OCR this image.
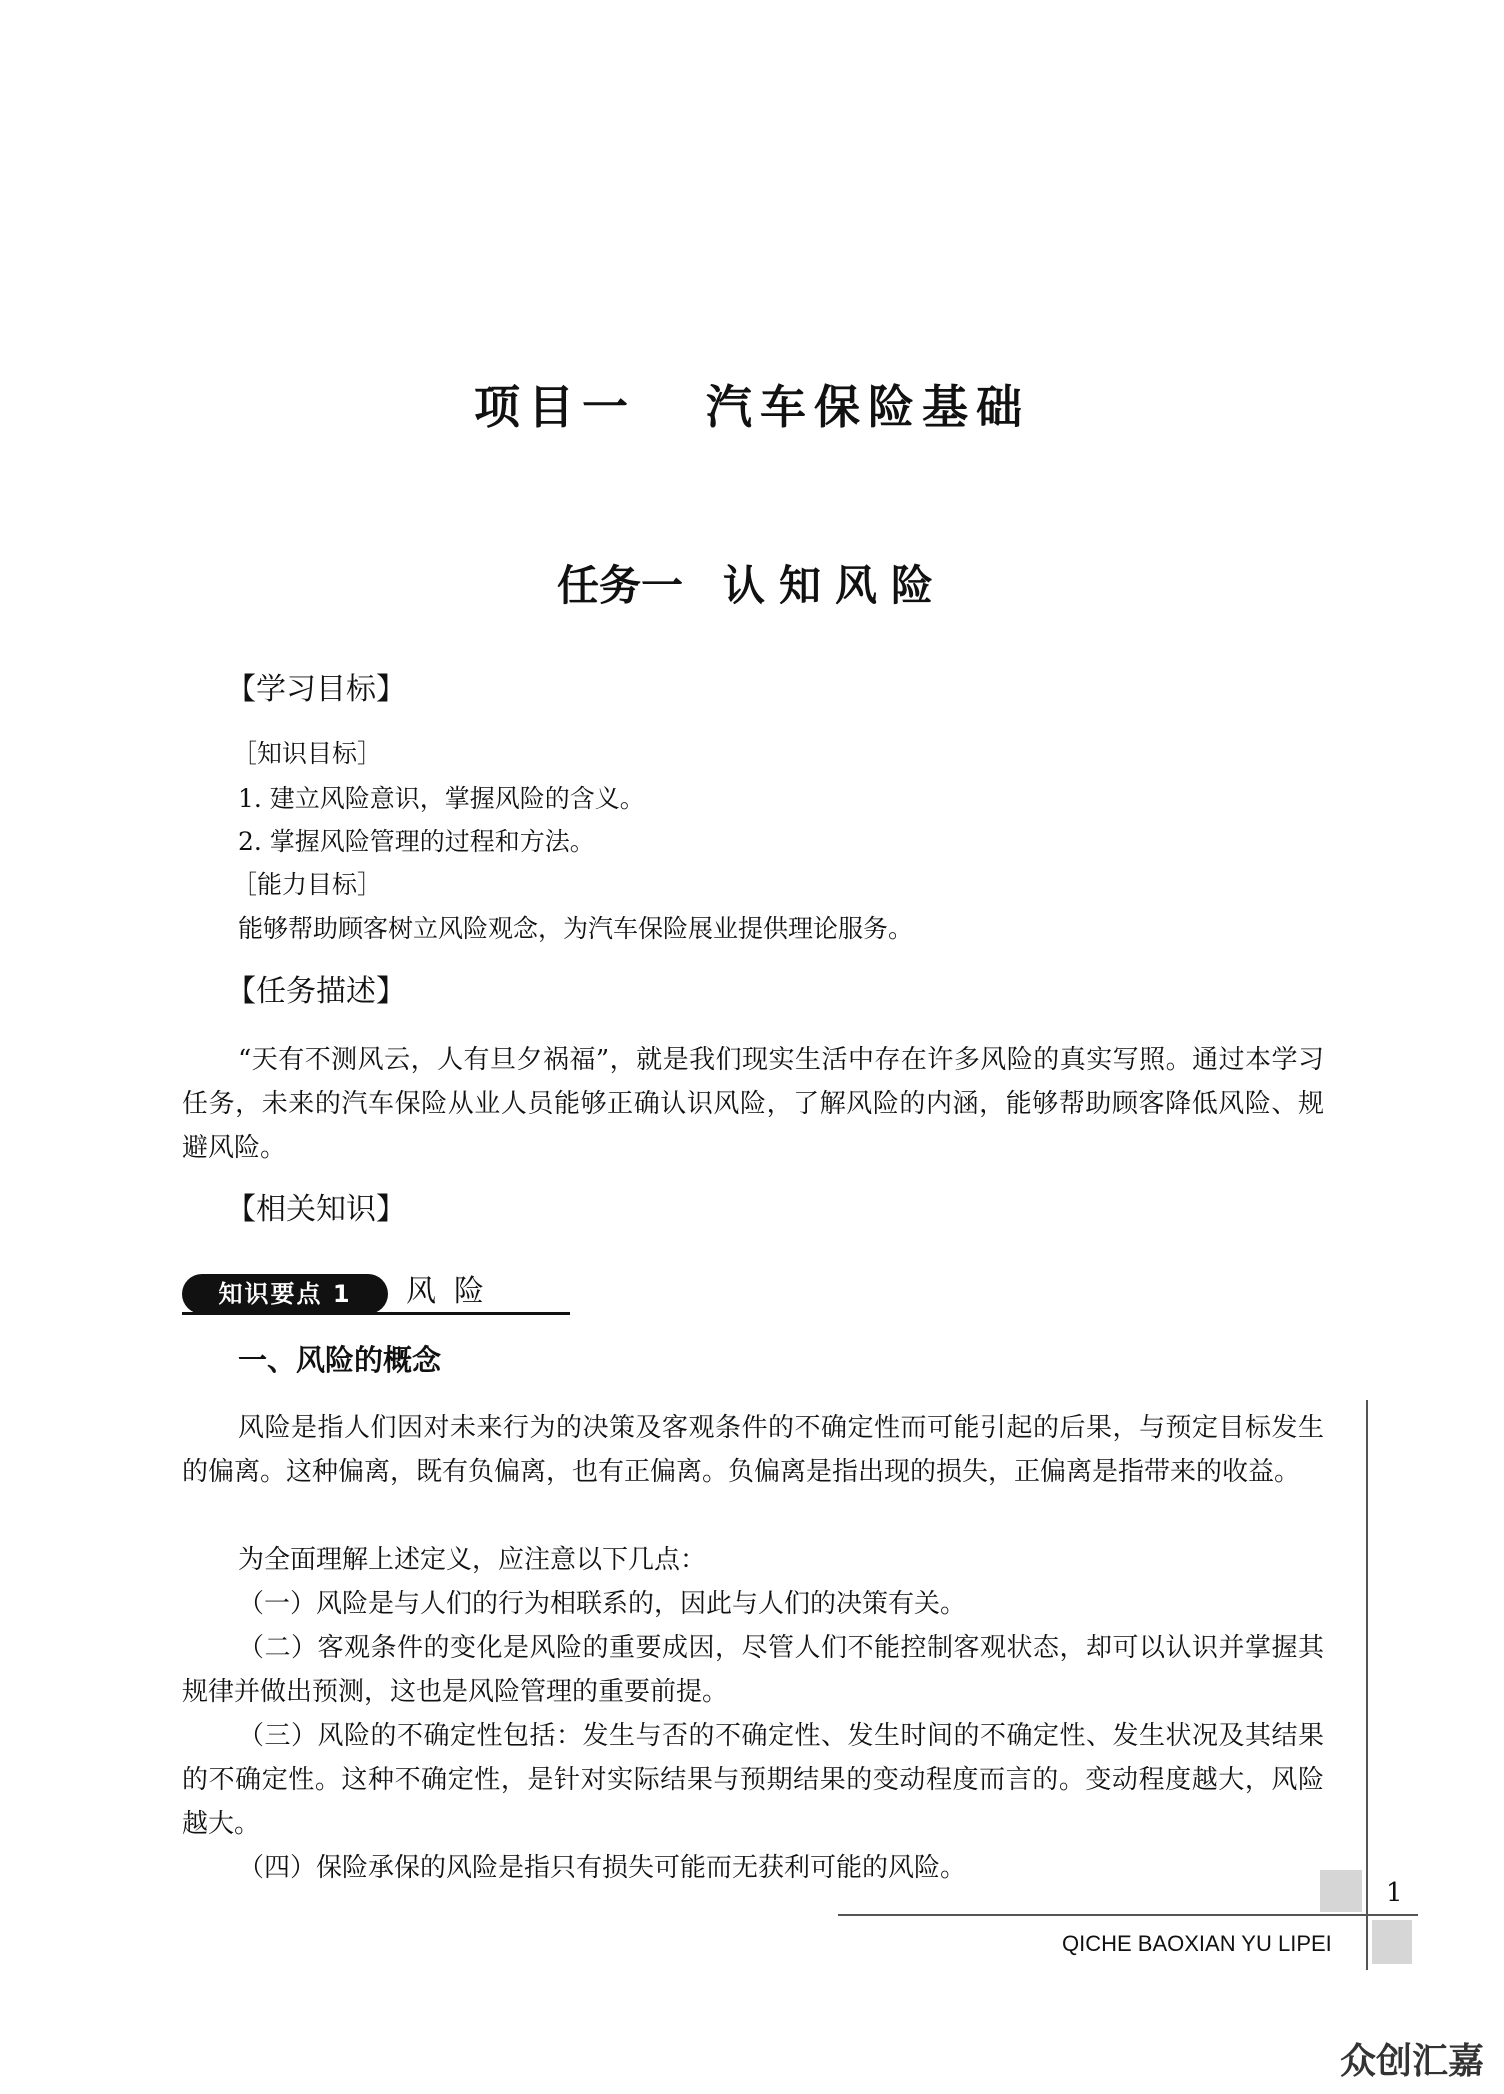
项目一 汽车保险基础
任务一 认知风险
【学习目标】
［知识目标］
1. 建立风险意识，掌握风险的含义。
2. 掌握风险管理的过程和方法。
［能力目标］
能够帮助顾客树立风险观念，为汽车保险展业提供理论服务。
【任务描述】

“天有不测风云，人有旦夕祸福”，就是我们现实生活中存在许多风险的真实写照。通过本学习任务，未来的汽车保险从业人员能够正确认识风险，了解风险的内涵，能够帮助顾客降低风险、规避风险。

【相关知识】
知识要点 1	风险
一、风险的概念

风险是指人们因对未来行为的决策及客观条件的不确定性而可能引起的后果，与预定目标发生的偏离。这种偏离，既有负偏离，也有正偏离。负偏离是指出现的损失，正偏离是指带来的收益。

为全面理解上述定义，应注意以下几点：

（一）风险是与人们的行为相联系的，因此与人们的决策有关。

（二）客观条件的变化是风险的重要成因，尽管人们不能控制客观状态，却可以认识并掌握其规律并做出预测，这也是风险管理的重要前提。

（三）风险的不确定性包括：发生与否的不确定性、发生时间的不确定性、发生状况及其结果的不确定性。这种不确定性，是针对实际结果与预期结果的变动程度而言的。变动程度越大，风险越大。

（四）保险承保的风险是指只有损失可能而无获利可能的风险。

1
QICHE BAOXIAN YU LIPEI
众创汇嘉
